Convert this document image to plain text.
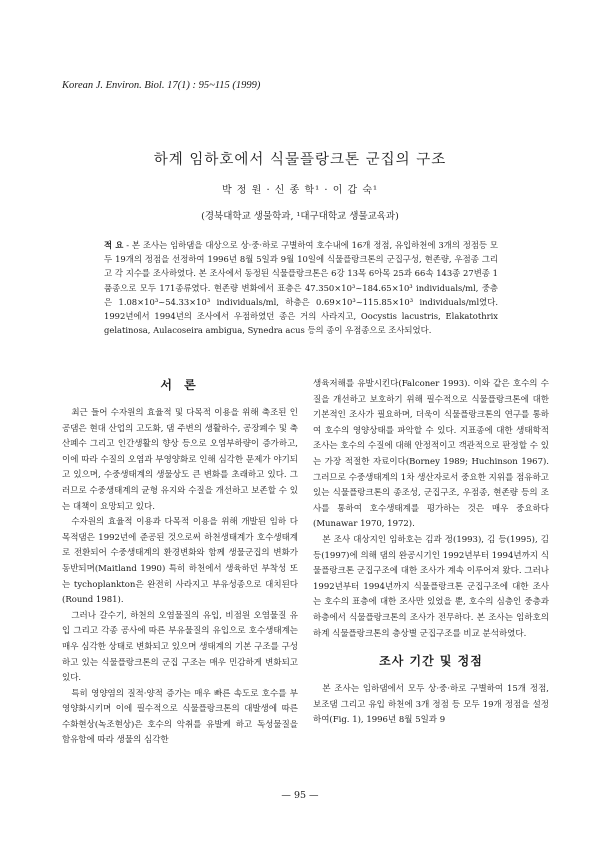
Korean J. Environ. Biol. 17(1) : 95~115 (1999)
하계 임하호에서 식물플랑크톤 군집의 구조
박 정 원 · 신 종 학¹ · 이 갑 숙¹
(경북대학교 생물학과, ¹대구대학교 생물교육과)

적 요 - 본 조사는 임하댐을 대상으로 상·중·하로 구별하여 호수내에 16개 정점, 유입하천에 3개의 정점등 모두 19개의 정점을 선정하여 1996년 8월 5일과 9월 10일에 식물플랑크톤의 군집구성, 현존량, 우점종 그리고 각 지수를 조사하였다. 본 조사에서 동정된 식물플랑크톤은 6강 13목 6아목 25과 66속 143종 27변종 1품종으로 모두 171종류였다. 현존량 변화에서 표층은 47.350×10³~184.65×10³ individuals/ml, 중층은 1.08×10³~54.33×10³ individuals/ml, 하층은 0.69×10³~115.85×10³ individuals/ml였다. 1992년에서 1994년의 조사에서 우점하였던 종은 거의 사라지고, Oocystis lacustris, Elakatothrix gelatinosa, Aulacoseira ambigua, Synedra acus 등의 종이 우점종으로 조사되었다.

서 론

최근 들어 수자원의 효율적 및 다목적 이용을 위해 축조된 인공댐은 현대 산업의 고도화, 댐 주변의 생활하수, 공장폐수 및 축산폐수 그리고 인간생활의 향상 등으로 오염부하량이 증가하고, 이에 따라 수질의 오염과 부영양화로 인해 심각한 문제가 야기되고 있으며, 수중생태계의 생물상도 큰 변화를 초래하고 있다. 그러므로 수중생태계의 균형 유지와 수질을 개선하고 보존할 수 있는 대책이 요망되고 있다.

수자원의 효율적 이용과 다목적 이용을 위해 개발된 임하 다목적댐은 1992년에 준공된 것으로써 하천생태계가 호수생태계로 전환되어 수중생태계의 환경변화와 함께 생물군집의 변화가 동반되며(Maitland 1990) 특히 하천에서 생육하던 부착성 또는 tychoplankton은 완전히 사라지고 부유성종으로 대치된다(Round 1981).

그러나 갈수기, 하천의 오염물질의 유입, 비점원 오염물질 유입 그리고 각종 공사에 따른 부유물질의 유입으로 호수생태계는 매우 심각한 상태로 변화되고 있으며 생태계의 기본 구조를 구성하고 있는 식물플랑크톤의 군집 구조는 매우 민감하게 변화되고 있다.

특히 영양염의 질적·양적 증가는 매우 빠른 속도로 호수를 부영양화시키며 이에 필수적으로 식물플랑크톤의 대발생에 따른 수화현상(녹조현상)은 호수의 악취를 유발케 하고 독성물질을 함유함에 따라 생물의 심각한

생육저해를 유발시킨다(Falconer 1993). 이와 같은 호수의 수질을 개선하고 보호하기 위해 필수적으로 식물플랑크톤에 대한 기본적인 조사가 필요하며, 더욱이 식물플랑크톤의 연구를 통하여 호수의 영양상태를 파악할 수 있다. 지표종에 대한 생태학적 조사는 호수의 수질에 대해 안정적이고 객관적으로 판정할 수 있는 가장 적절한 자료이다(Borney 1989; Huchinson 1967). 그러므로 수중생태계의 1차 생산자로서 중요한 지위를 점유하고 있는 식물플랑크톤의 종조성, 군집구조, 우점종, 현존량 등의 조사를 통하여 호수생태계를 평가하는 것은 매우 중요하다(Munawar 1970, 1972).

본 조사 대상지인 임하호는 김과 정(1993), 김 등(1995), 김 등(1997)에 의해 댐의 완공시기인 1992년부터 1994년까지 식물플랑크톤 군집구조에 대한 조사가 계속 이루어져 왔다. 그러나 1992년부터 1994년까지 식물플랑크톤 군집구조에 대한 조사는 호수의 표층에 대한 조사만 있었을 뿐, 호수의 심층인 중층과 하층에서 식물플랑크톤의 조사가 전무하다. 본 조사는 임하호의 하계 식물플랑크톤의 층상별 군집구조를 비교 분석하였다.

조사 기간 및 정점

본 조사는 임하댐에서 모두 상·중·하로 구별하여 15개 정점, 보조댐 그리고 유입 하천에 3개 정점 등 모두 19개 정점을 설정하여(Fig. 1), 1996년 8월 5일과 9

— 95 —
